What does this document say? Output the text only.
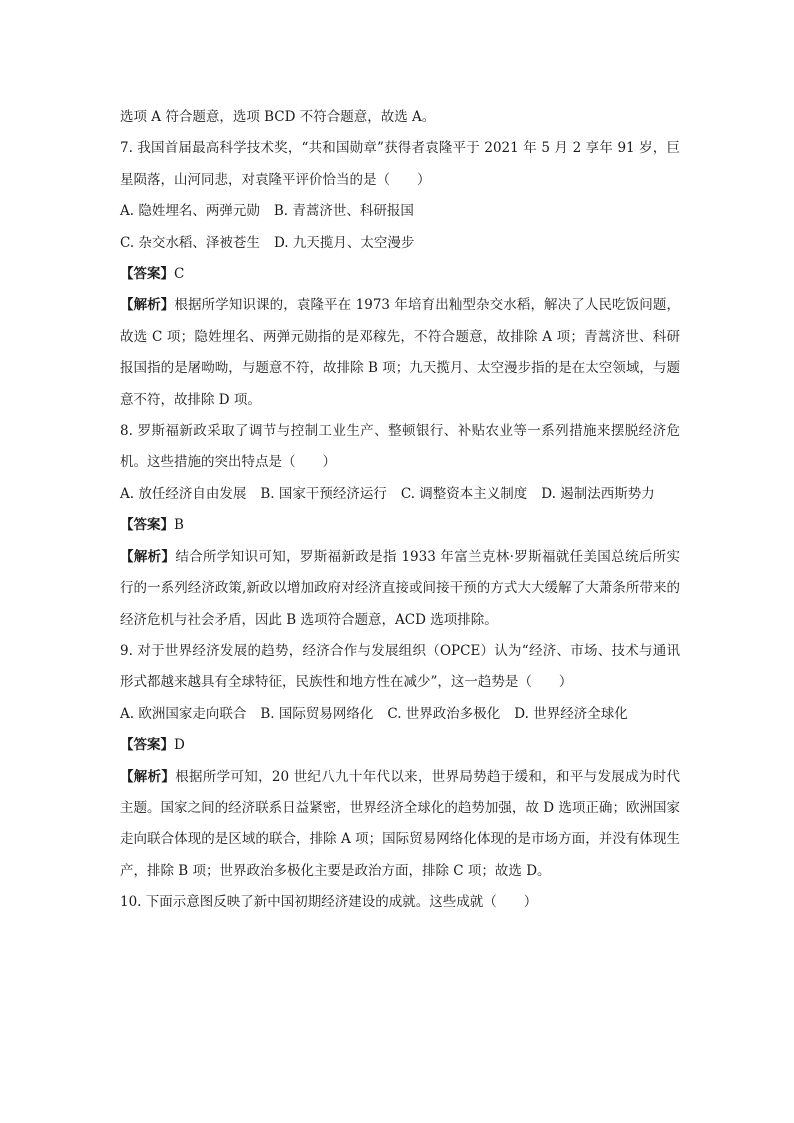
选项 A 符合题意，选项 BCD 不符合题意，故选 A。

7. 我国首届最高科学技术奖，“共和国勋章”获得者袁隆平于 2021 年 5 月 2 享年 91 岁，巨星陨落，山河同悲，对袁隆平评价恰当的是（　　）

A. 隐姓埋名、两弹元勋 B. 青蒿济世、科研报国

C. 杂交水稻、泽被苍生 D. 九天揽月、太空漫步

【答案】C

【解析】根据所学知识课的，袁隆平在 1973 年培育出籼型杂交水稻，解决了人民吃饭问题，故选 C 项；隐姓埋名、两弹元勋指的是邓稼先，不符合题意，故排除 A 项；青蒿济世、科研报国指的是屠呦呦，与题意不符，故排除 B 项；九天揽月、太空漫步指的是在太空领域，与题意不符，故排除 D 项。

8. 罗斯福新政采取了调节与控制工业生产、整顿银行、补贴农业等一系列措施来摆脱经济危机。这些措施的突出特点是（　　）

A. 放任经济自由发展 B. 国家干预经济运行 C. 调整资本主义制度 D. 遏制法西斯势力

【答案】B

【解析】结合所学知识可知，罗斯福新政是指 1933 年富兰克林·罗斯福就任美国总统后所实行的一系列经济政策,新政以增加政府对经济直接或间接干预的方式大大缓解了大萧条所带来的经济危机与社会矛盾，因此 B 选项符合题意，ACD 选项排除。

9. 对于世界经济发展的趋势，经济合作与发展组织（OPCE）认为“经济、市场、技术与通讯形式都越来越具有全球特征，民族性和地方性在减少”，这一趋势是（　　）

A. 欧洲国家走向联合 B. 国际贸易网络化 C. 世界政治多极化 D. 世界经济全球化

【答案】D

【解析】根据所学可知，20 世纪八九十年代以来，世界局势趋于缓和，和平与发展成为时代主题。国家之间的经济联系日益紧密，世界经济全球化的趋势加强，故 D 选项正确；欧洲国家走向联合体现的是区域的联合，排除 A 项；国际贸易网络化体现的是市场方面，并没有体现生产，排除 B 项；世界政治多极化主要是政治方面，排除 C 项；故选 D。

10. 下面示意图反映了新中国初期经济建设的成就。这些成就（　　）
